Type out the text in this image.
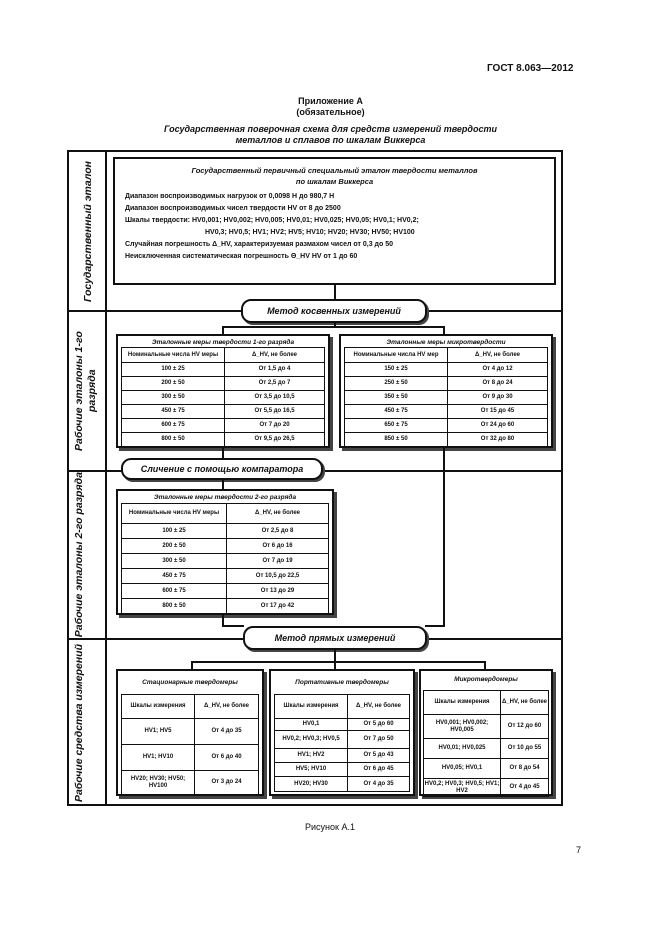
ГОСТ 8.063—2012
Приложение А
(обязательное)
Государственная поверочная схема для средств измерений твердости
металлов и сплавов по шкалам Виккерса
Государственный эталон
Рабочие эталоны 1-го разряда
Рабочие эталоны 2-го разряда
Рабочие средства измерений
Государственный первичный специальный эталон твердости металлов
по шкалам Виккерса
Диапазон воспроизводимых нагрузок от 0,0098 Н до 980,7 Н
Диапазон воспроизводимых чисел твердости HV от 8 до 2500
Шкалы твердости: HV0,001; HV0,002; HV0,005; HV0,01; HV0,025; HV0,05; HV0,1; HV0,2;
HV0,3; HV0,5; HV1; HV2; HV5; HV10; HV20; HV30; HV50; HV100
Случайная погрешность Δ_HV, характеризуемая размахом чисел от 0,3 до 50
Неисключенная систематическая погрешность Θ_HV HV от 1 до 60
Метод косвенных измерений
Эталонные меры твердости 1-го разряда
Номинальные числа HV меры	Δ_HV, не более
100 ± 25	От 1,5 до 4
200 ± 50	От 2,5 до 7
300 ± 50	От 3,5 до 10,5
450 ± 75	От 5,5 до 16,5
600 ± 75	От 7 до 20
800 ± 50	От 9,5 до 26,5
Эталонные меры микротвердости
Номинальные числа HV мер	Δ_HV, не более
150 ± 25	От 4 до 12
250 ± 50	От 8 до 24
350 ± 50	От 9 до 30
450 ± 75	От 15 до 45
650 ± 75	От 24 до 60
850 ± 50	От 32 до 80
Сличение с помощью компаратора
Эталонные меры твердости 2-го разряда
Номинальные числа HV меры	Δ_HV, не более
100 ± 25	От 2,5 до 8
200 ± 50	От 6 до 16
300 ± 50	От 7 до 19
450 ± 75	От 10,5 до 22,5
600 ± 75	От 13 до 29
800 ± 50	От 17 до 42
Метод прямых измерений
Стационарные твердомеры
Шкалы измерения	Δ_HV, не более
HV1; HV5	От 4 до 35
HV1; HV10	От 6 до 40
HV20; HV30; HV50; HV100	От 3 до 24
Портативные твердомеры
Шкалы измерения	Δ_HV, не более
HV0,1	От 5 до 60
HV0,2; HV0,3; HV0,5	От 7 до 50
HV1; HV2	От 5 до 43
HV5; HV10	От 6 до 45
HV20; HV30	От 4 до 35
Микротвердомеры
Шкалы измерения	Δ_HV, не более
HV0,001; HV0,002; HV0,005	От 12 до 60
HV0,01; HV0,025	От 10 до 55
HV0,05; HV0,1	От 8 до 54
HV0,2; HV0,3; HV0,5; HV1; HV2	От 4 до 45
Рисунок А.1
7
